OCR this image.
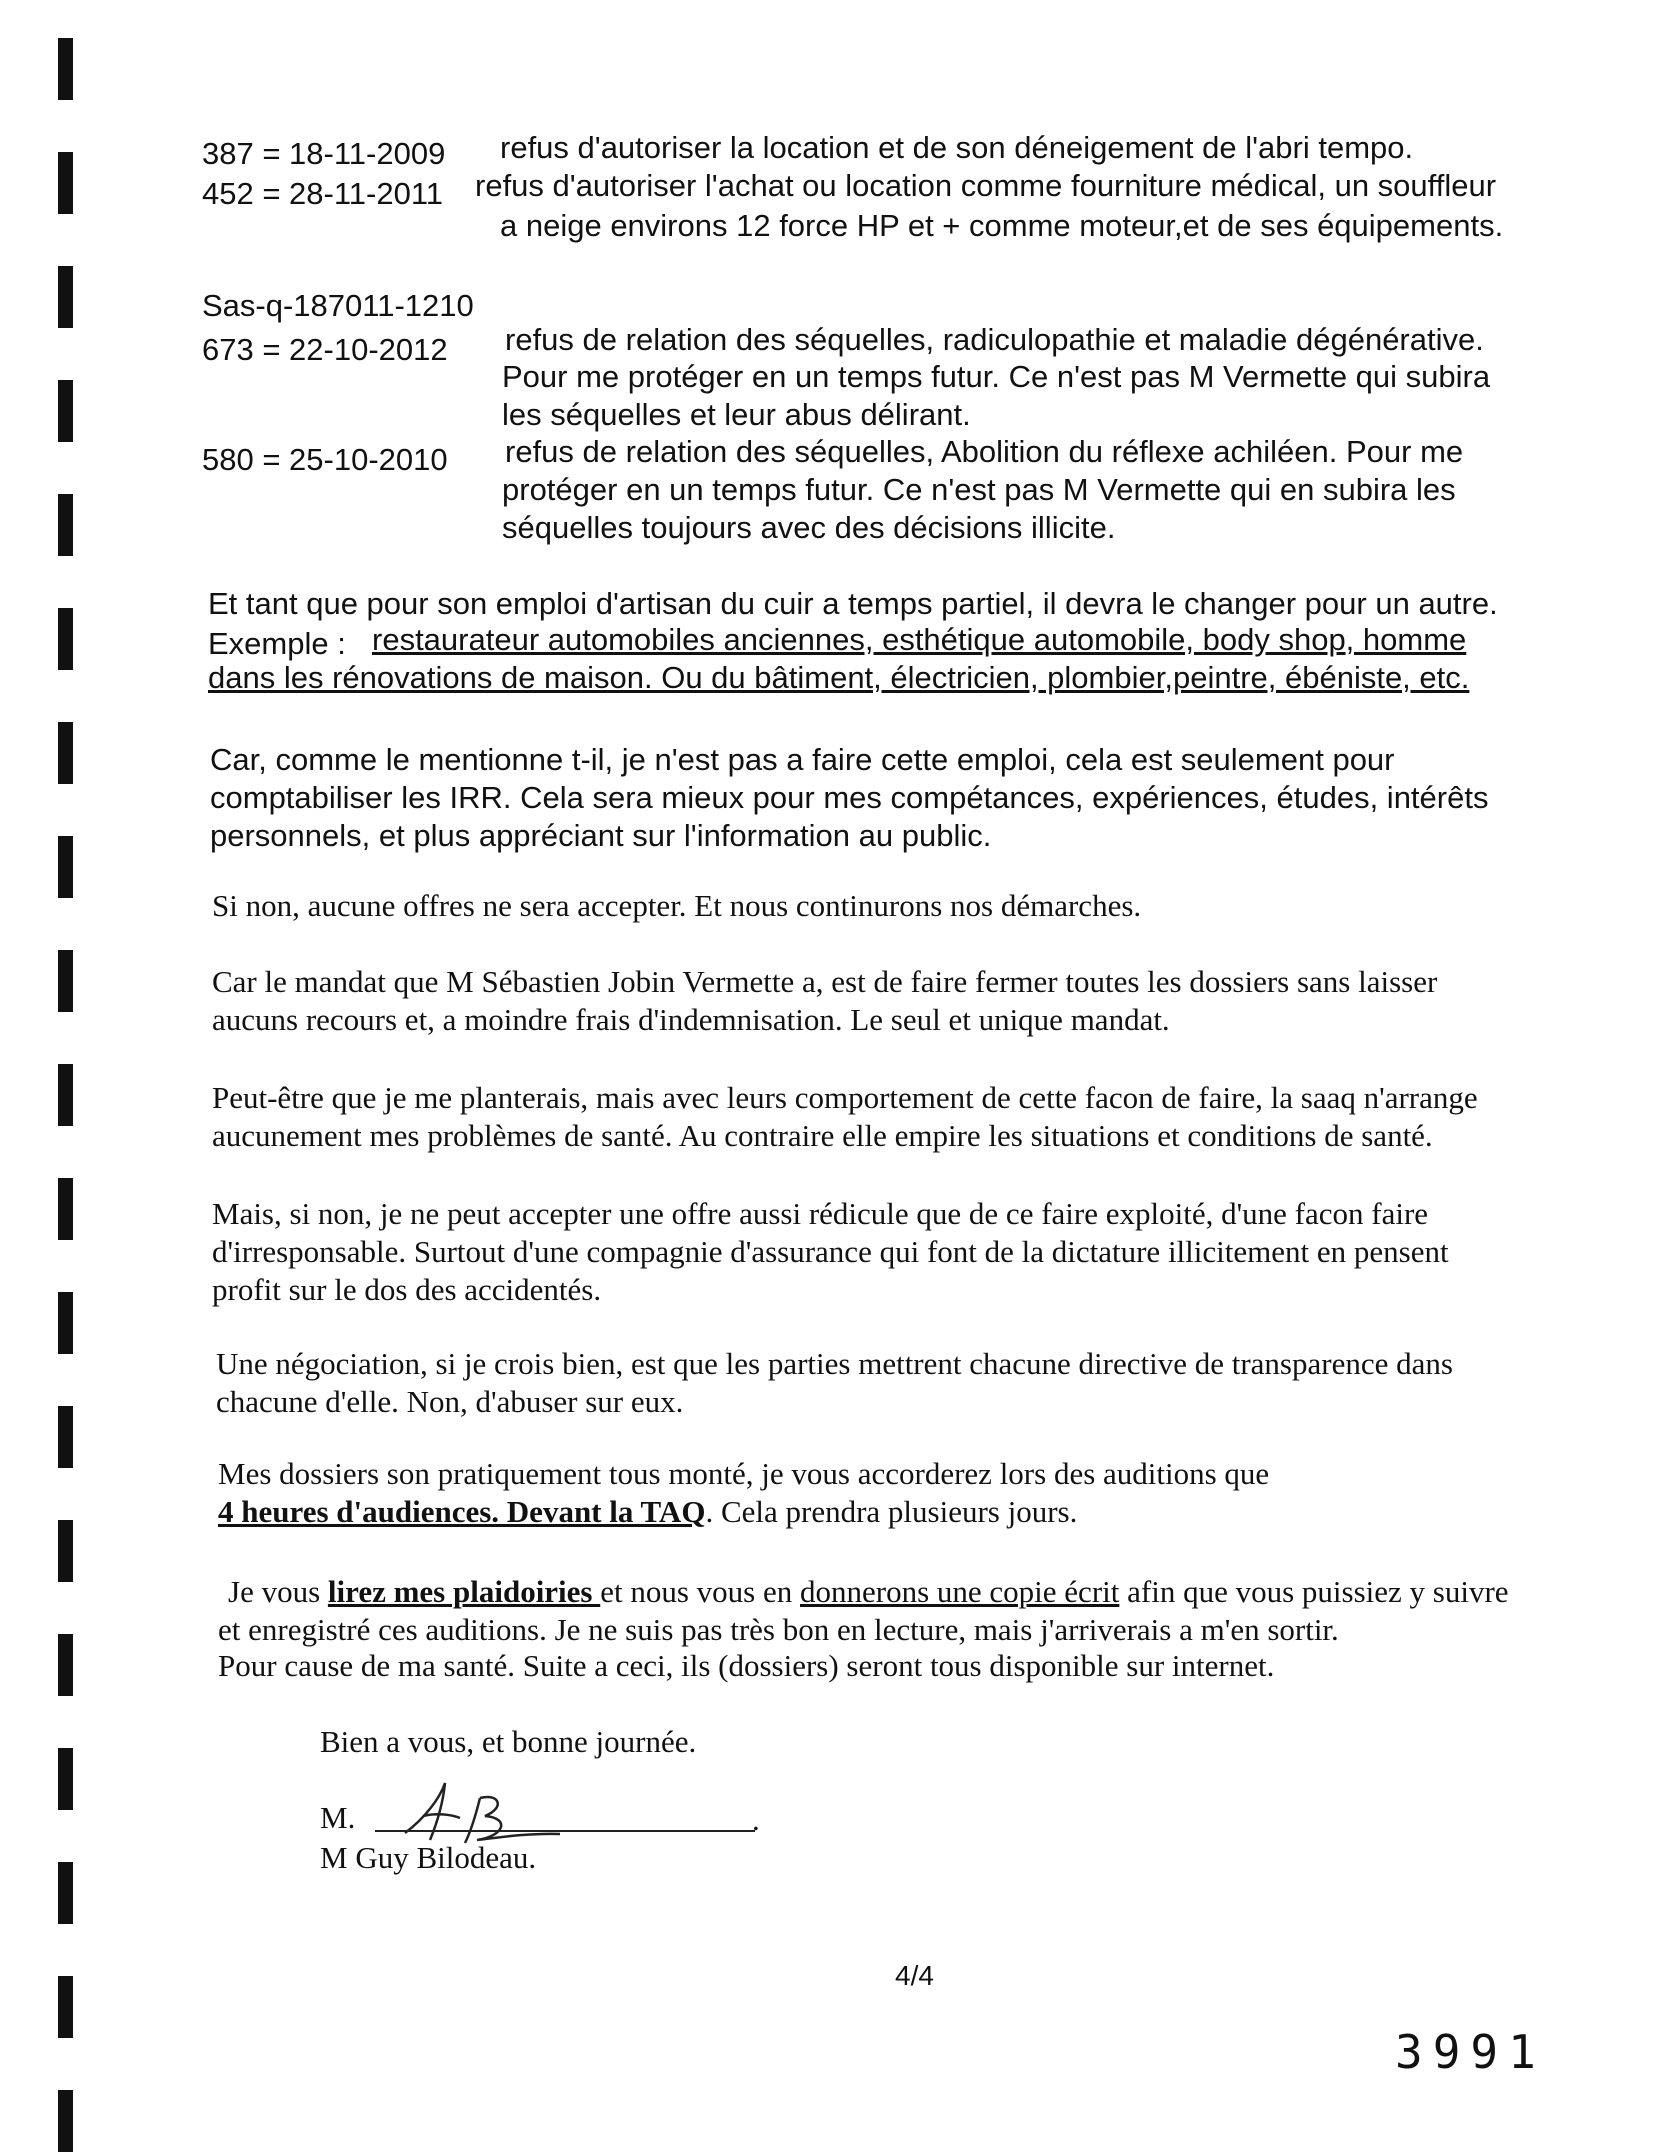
387 = 18-11-2009 refus d'autoriser la location et de son déneigement de l'abri tempo.
452 = 28-11-2011 refus d'autoriser l'achat ou location comme fourniture médical, un souffleur
a neige environs 12 force HP et + comme moteur,et de ses équipements.
Sas-q-187011-1210
673 = 22-10-2012 refus de relation des séquelles, radiculopathie et maladie dégénérative.
Pour me protéger en un temps futur. Ce n'est pas M Vermette qui subira
les séquelles et leur abus délirant.
580 = 25-10-2010 refus de relation des séquelles, Abolition du réflexe achiléen. Pour me
protéger en un temps futur. Ce n'est pas M Vermette qui en subira les
séquelles toujours avec des décisions illicite.
Et tant que pour son emploi d'artisan du cuir a temps partiel, il devra le changer pour un autre.
Exemple : restaurateur automobiles anciennes, esthétique automobile, body shop, homme
dans les rénovations de maison. Ou du bâtiment, électricien, plombier,peintre, ébéniste, etc.
Car, comme le mentionne t-il, je n'est pas a faire cette emploi, cela est seulement pour
comptabiliser les IRR. Cela sera mieux pour mes compétances, expériences, études, intérêts
personnels, et plus appréciant sur l'information au public.
Si non, aucune offres ne sera accepter. Et nous continurons nos démarches.
Car le mandat que M Sébastien Jobin Vermette a, est de faire fermer toutes les dossiers sans laisser
aucuns recours et, a moindre frais d'indemnisation. Le seul et unique mandat.
Peut-être que je me planterais, mais avec leurs comportement de cette facon de faire, la saaq n'arrange
aucunement mes problèmes de santé. Au contraire elle empire les situations et conditions de santé.
Mais, si non, je ne peut accepter une offre aussi rédicule que de ce faire exploité, d'une facon faire
d'irresponsable. Surtout d'une compagnie d'assurance qui font de la dictature illicitement en pensent
profit sur le dos des accidentés.
Une négociation, si je crois bien, est que les parties mettrent chacune directive de transparence dans
chacune d'elle. Non, d'abuser sur eux.
Mes dossiers son pratiquement tous monté, je vous accorderez lors des auditions que
4 heures d'audiences. Devant la TAQ. Cela prendra plusieurs jours.
Je vous lirez mes plaidoiries et nous vous en donnerons une copie écrit afin que vous puissiez y suivre
et enregistré ces auditions. Je ne suis pas très bon en lecture, mais j'arriverais a m'en sortir.
Pour cause de ma santé. Suite a ceci, ils (dossiers) seront tous disponible sur internet.
Bien a vous, et bonne journée.
M.	.
M Guy Bilodeau.
4/4
3991
